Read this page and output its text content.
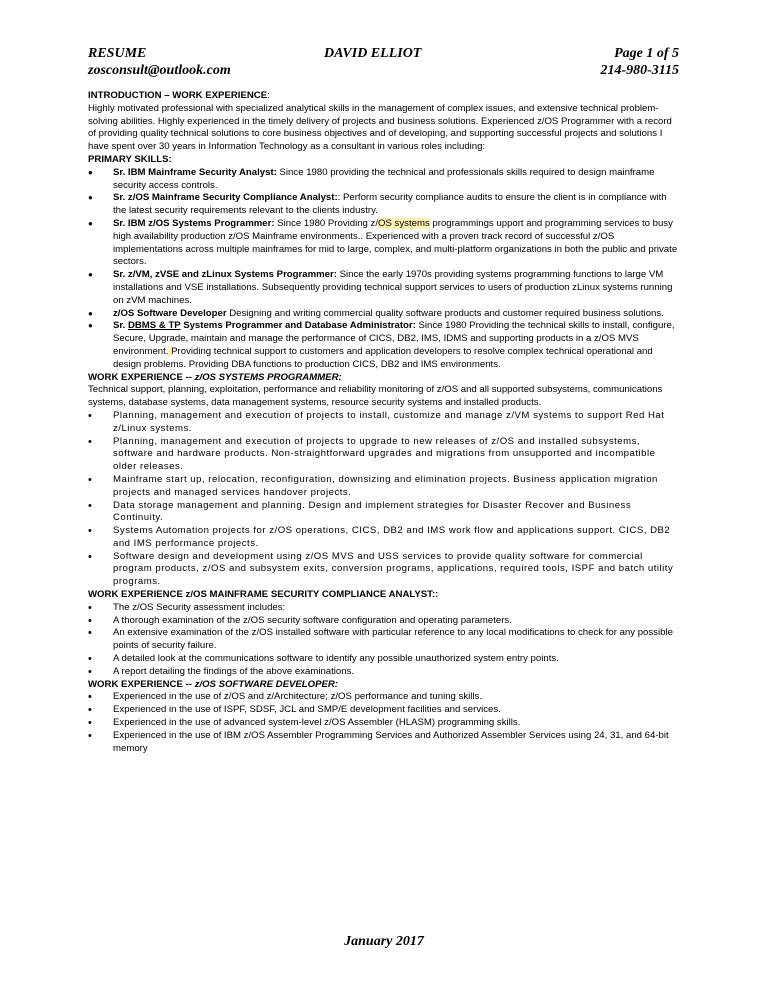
RESUME	DAVID ELLIOT	Page 1 of 5
zosconsult@outlook.com	214-980-3115

INTRODUCTION – WORK EXPERIENCE:

Highly motivated professional with specialized analytical skills in the management of complex issues, and extensive technical problem-solving abilities. Highly experienced in the timely delivery of projects and business solutions. Experienced z/OS Programmer with a record of providing quality technical solutions to core business objectives and of developing, and supporting successful projects and solutions I have spent over 30 years in Information Technology as a consultant in various roles including:

PRIMARY SKILLS:

● Sr. IBM Mainframe Security Analyst: Since 1980 providing the technical and professionals skills required to design mainframe security access controls.
● Sr. z/OS Mainframe Security Compliance Analyst:: Perform security compliance audits to ensure the client is in compliance with the latest security requirements relevant to the clients industry.
● Sr. IBM z/OS Systems Programmer: Since 1980 Providing z/OS systems programmings upport and programming services to busy high availability production z/OS Mainframe environments.. Experienced with a proven track record of successful z/OS implementations across multiple mainframes for mid to large, complex, and multi-platform organizations in both the public and private sectors.
● Sr. z/VM, zVSE and zLinux Systems Programmer: Since the early 1970s providing systems programming functions to large VM installations and VSE installations. Subsequently providing technical support services to users of production zLinux systems running on zVM machines.
● z/OS Software Developer Designing and writing commercial quality software products and customer required business solutions.
● Sr. DBMS & TP Systems Programmer and Database Administrator: Since 1980 Providing the technical skills to install, configure, Secure, Upgrade, maintain and manage the performance of CICS, DB2, IMS, IDMS and supporting products in a z/OS MVS environment. Providing technical support to customers and application developers to resolve complex technical operational and design problems. Providing DBA functions to production CICS, DB2 and IMS environments.

WORK EXPERIENCE -- z/OS SYSTEMS PROGRAMMER:

Technical support, planning, exploitation, performance and reliability monitoring of z/OS and all supported subsystems, communications systems, database systems, data management systems, resource security systems and installed products.

• Planning, management and execution of projects to install, customize and manage z/VM systems to support Red Hat z/Linux systems.
• Planning, management and execution of projects to upgrade to new releases of z/OS and installed subsystems, software and hardware products. Non-straightforward upgrades and migrations from unsupported and incompatible older releases.
• Mainframe start up, relocation, reconfiguration, downsizing and elimination projects. Business application migration projects and managed services handover projects.
• Data storage management and planning. Design and implement strategies for Disaster Recover and Business Continuity.
• Systems Automation projects for z/OS operations, CICS, DB2 and IMS work flow and applications support. CICS, DB2 and IMS performance projects.
• Software design and development using z/OS MVS and USS services to provide quality software for commercial program products, z/OS and subsystem exits, conversion programs, applications, required tools, ISPF and batch utility programs.

WORK EXPERIENCE z/OS MAINFRAME SECURITY COMPLIANCE ANALYST::

• The z/OS Security assessment includes:
• A thorough examination of the z/OS security software configuration and operating parameters.
• An extensive examination of the z/OS installed software with particular reference to any local modifications to check for any possible points of security failure.
• A detailed look at the communications software to identify any possible unauthorized system entry points.
• A report detailing the findings of the above examinations.

WORK EXPERIENCE -- z/OS SOFTWARE DEVELOPER:

• Experienced in the use of z/OS and z/Architecture; z/OS performance and tuning skills.
• Experienced in the use of ISPF, SDSF, JCL and SMP/E development facilities and services.
• Experienced in the use of advanced system-level z/OS Assembler (HLASM) programming skills.
• Experienced in the use of IBM z/OS Assembler Programming Services and Authorized Assembler Services using 24, 31, and 64-bit memory
January 2017
